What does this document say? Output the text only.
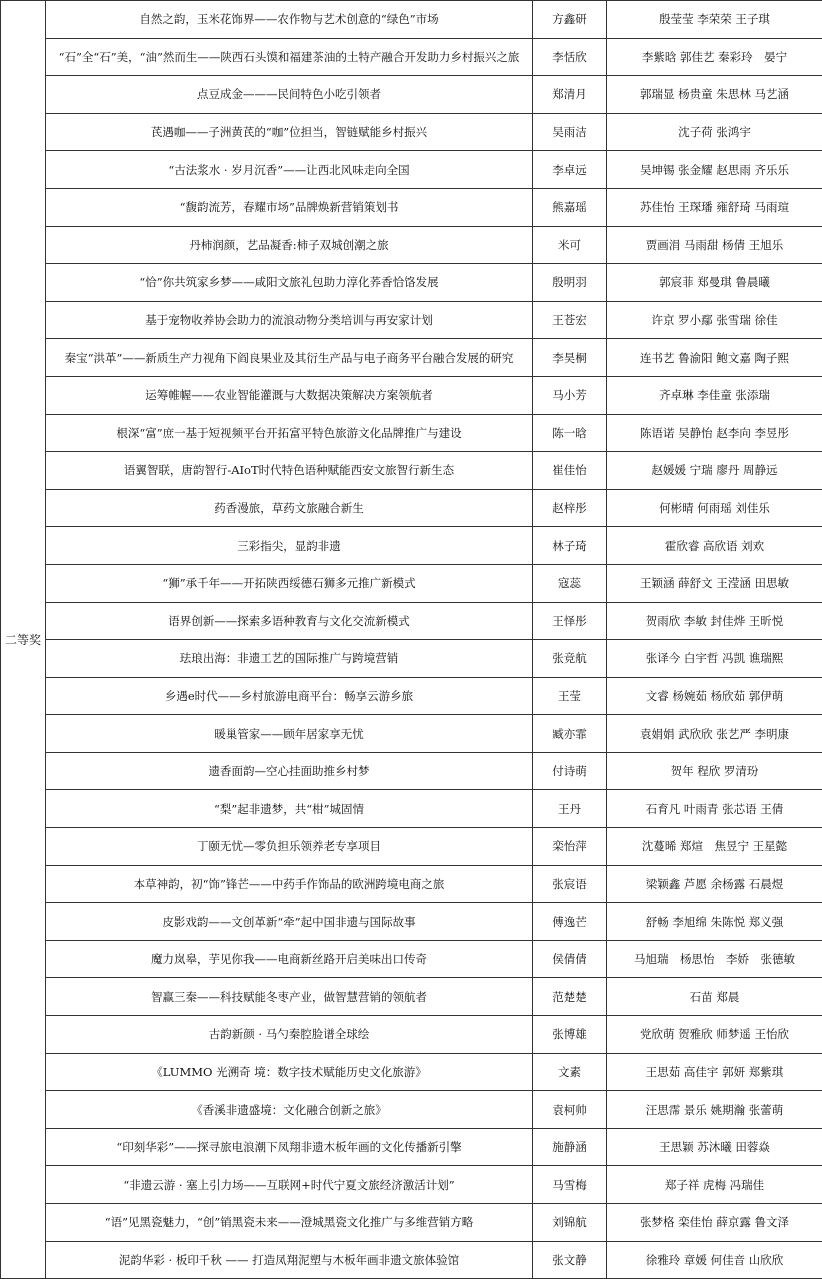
二等奖	自然之韵，玉米花饰界——农作物与艺术创意的“绿色”市场	方鑫研	殷莹莹 李荣荣 王子琪
	“石”全“石”美，“油”然而生——陕西石头馍和福建茶油的土特产融合开发助力乡村振兴之旅	李恬欣	李紫晗 郭佳艺 秦彩玲　晏宁
	点豆成金———民间特色小吃引领者	郑清月	郭瑞显 杨贵童 朱思林 马艺涵
	芪遇咖——子洲黄芪的“咖”位担当，智链赋能乡村振兴	吴雨洁	沈子荷 张鸿宇
	“古法浆水 · 岁月沉香”——让西北风味走向全国	李卓远	吴坤锡 张金耀 赵思雨 齐乐乐
	“馥韵流芳，春耀市场”品牌焕新营销策划书	熊嘉瑶	苏佳怡 王琛璠 雍舒琦 马雨瑄
	丹柿润颜，艺品凝香:柿子双城创潮之旅	米可	贾画涓 马雨甜 杨倩 王旭乐
	“恰”你共筑家乡梦——咸阳文旅礼包助力淳化荞香恰饹发展	殷明羽	郭宸菲 郑曼琪 鲁晨曦
	基于宠物收养协会助力的流浪动物分类培训与再安家计划	王苍宏	许京 罗小鄢 张雪瑞 徐佳
	秦宝“洪革”——新质生产力视角下阎良果业及其衍生产品与电子商务平台融合发展的研究	李昊桐	连书艺 鲁渝阳 鲍文嘉 陶子熙
	运筹帷幄——农业智能灌溉与大数据决策解决方案领航者	马小芳	齐卓琳 李佳童 张添瑞
	根深“富”庶一基于短视频平台开拓富平特色旅游文化品牌推广与建设	陈一晗	陈语诺 吴静怡 赵李向 李昱彤
	语翼智联，唐韵智行-AIoT时代特色语种赋能西安文旅智行新生态	崔佳怡	赵媛媛 宁瑞 廖丹 周静远
	药香漫旅，草药文旅融合新生	赵梓彤	何彬晴 何雨瑶 刘佳乐
	三彩指尖，显韵非遗	林子琦	霍欣睿 高欣语 刘欢
	“狮”承千年——开拓陕西绥德石狮多元推广新模式	寇蕊	王颖涵 薛舒文 王滢涵 田思敏
	语界创新——探索多语种教育与文化交流新模式	王怿彤	贺雨欣 李敏 封佳烨 王昕悦
	珐琅出海：非遗工艺的国际推广与跨境营销	张竞航	张译今 白宇哲 冯凯 谯瑞熙
	乡遇e时代——乡村旅游电商平台：畅享云游乡旅	王莹	文睿 杨婉茹 杨欣茹 郭伊萌
	暖巢管家——顾年居家享无忧	臧亦霏	袁娟娟 武欣欣 张艺严 李明康
	遗香面韵—空心挂面助推乡村梦	付诗萌	贺年 程欣 罗清玢
	“梨”起非遗梦，共“柑”城固情	王丹	石育凡 叶雨青 张芯语 王倩
	丁颐无忧—零负担乐领养老专享项目	栾怡萍	沈蔓晞 郑煊　焦昱宁 王星懿
	本草神韵，初“饰”锋芒——中药手作饰品的欧洲跨境电商之旅	张宸语	梁颖鑫 芦愿 余杨露 石晨煜
	皮影戏韵——文创革新“牵”起中国非遗与国际故事	傅逸芒	舒畅 李旭绵 朱陈悦 郑义强
	魔力岚皋，芋见你我——电商新丝路开启美味出口传奇	侯倩倩	马旭瑞　杨思怡　李娇　张德敏
	智赢三秦——科技赋能冬枣产业，做智慧营销的领航者	范楚楚	石苗 郑晨
	古韵新颜 · 马勺秦腔脸谱全球绘	张博雄	党欣萌 贺雅欣 师梦遥 王怡欣
	《LUMMO 光溯奇 境：数字技术赋能历史文化旅游》	文素	王思茹 高佳宇 郭妍 郑紫琪
	《香溪非遗盛境：文化融合创新之旅》	袁柯帅	汪思霈 景乐 姚期瀚 张蕾萌
	“印刻华彩”——探寻旅电浪潮下凤翔非遗木板年画的文化传播新引擎	施静涵	王思颖 苏沐曦 田蓉焱
	“非遗云游 · 塞上引力场——互联网+时代宁夏文旅经济激活计划”	马雪梅	郑子祥 虎梅 冯瑞佳
	“语”见黑瓷魅力，“创”销黑瓷未来——澄城黑瓷文化推广与多维营销方略	刘锦航	张梦格 栾佳怡 薛京露 鲁文泽
	泥韵华彩 · 板印千秋 —— 打造凤翔泥塑与木板年画非遗文旅体验馆	张文静	徐雅玲 章媛 何佳音 山欣欣
